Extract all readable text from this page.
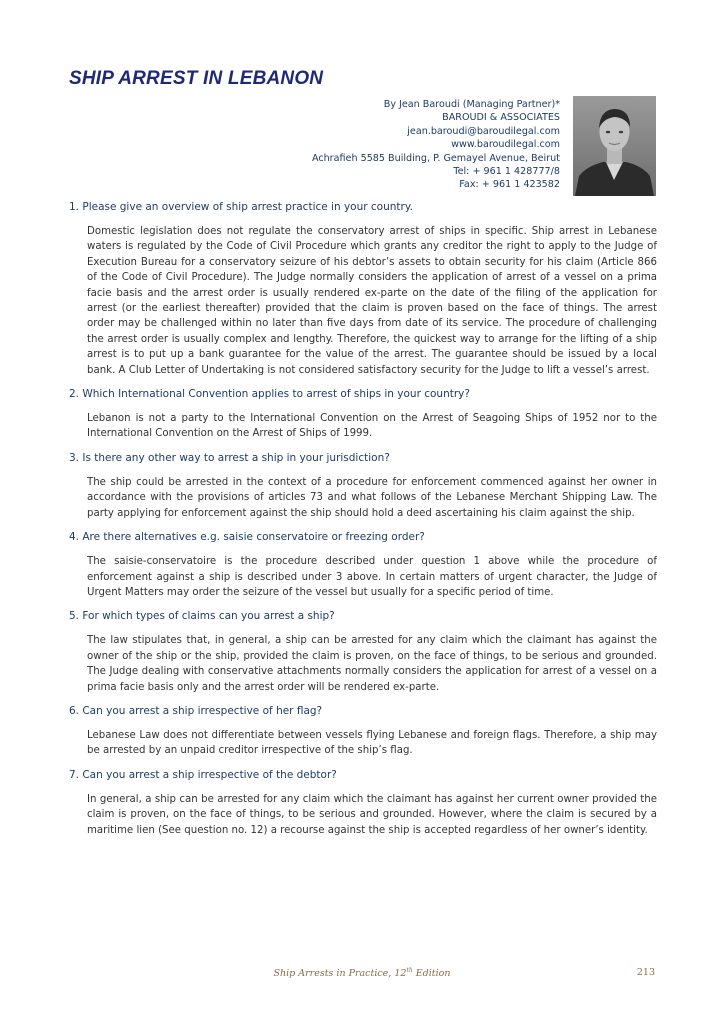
SHIP ARREST IN LEBANON
By Jean Baroudi (Managing Partner)*
BAROUDI & ASSOCIATES
jean.baroudi@baroudilegal.com
www.baroudilegal.com
Achrafieh 5585 Building, P. Gemayel Avenue, Beirut
Tel: + 961 1 428777/8
Fax: + 961 1 423582
1. Please give an overview of ship arrest practice in your country.

Domestic legislation does not regulate the conservatory arrest of ships in specific. Ship arrest in Lebanese waters is regulated by the Code of Civil Procedure which grants any creditor the right to apply to the Judge of Execution Bureau for a conservatory seizure of his debtor’s assets to obtain security for his claim (Article 866 of the Code of Civil Procedure). The Judge normally considers the application of arrest of a vessel on a prima facie basis and the arrest order is usually rendered ex-parte on the date of the filing of the application for arrest (or the earliest thereafter) provided that the claim is proven based on the face of things. The arrest order may be challenged within no later than five days from date of its service. The procedure of challenging the arrest order is usually complex and lengthy. Therefore, the quickest way to arrange for the lifting of a ship arrest is to put up a bank guarantee for the value of the arrest. The guarantee should be issued by a local bank. A Club Letter of Undertaking is not considered satisfactory security for the Judge to lift a vessel’s arrest.

2. Which International Convention applies to arrest of ships in your country?

Lebanon is not a party to the International Convention on the Arrest of Seagoing Ships of 1952 nor to the International Convention on the Arrest of Ships of 1999.

3. Is there any other way to arrest a ship in your jurisdiction?

The ship could be arrested in the context of a procedure for enforcement commenced against her owner in accordance with the provisions of articles 73 and what follows of the Lebanese Merchant Shipping Law. The party applying for enforcement against the ship should hold a deed ascertaining his claim against the ship.

4. Are there alternatives e.g. saisie conservatoire or freezing order?

The saisie-conservatoire is the procedure described under question 1 above while the procedure of enforcement against a ship is described under 3 above. In certain matters of urgent character, the Judge of Urgent Matters may order the seizure of the vessel but usually for a specific period of time.

5. For which types of claims can you arrest a ship?

The law stipulates that, in general, a ship can be arrested for any claim which the claimant has against the owner of the ship or the ship, provided the claim is proven, on the face of things, to be serious and grounded. The Judge dealing with conservative attachments normally considers the application for arrest of a vessel on a prima facie basis only and the arrest order will be rendered ex-parte.

6. Can you arrest a ship irrespective of her flag?

Lebanese Law does not differentiate between vessels flying Lebanese and foreign flags. Therefore, a ship may be arrested by an unpaid creditor irrespective of the ship’s flag.

7. Can you arrest a ship irrespective of the debtor?

In general, a ship can be arrested for any claim which the claimant has against her current owner provided the claim is proven, on the face of things, to be serious and grounded. However, where the claim is secured by a maritime lien (See question no. 12) a recourse against the ship is accepted regardless of her owner’s identity.

Ship Arrests in Practice, 12th Edition	213
